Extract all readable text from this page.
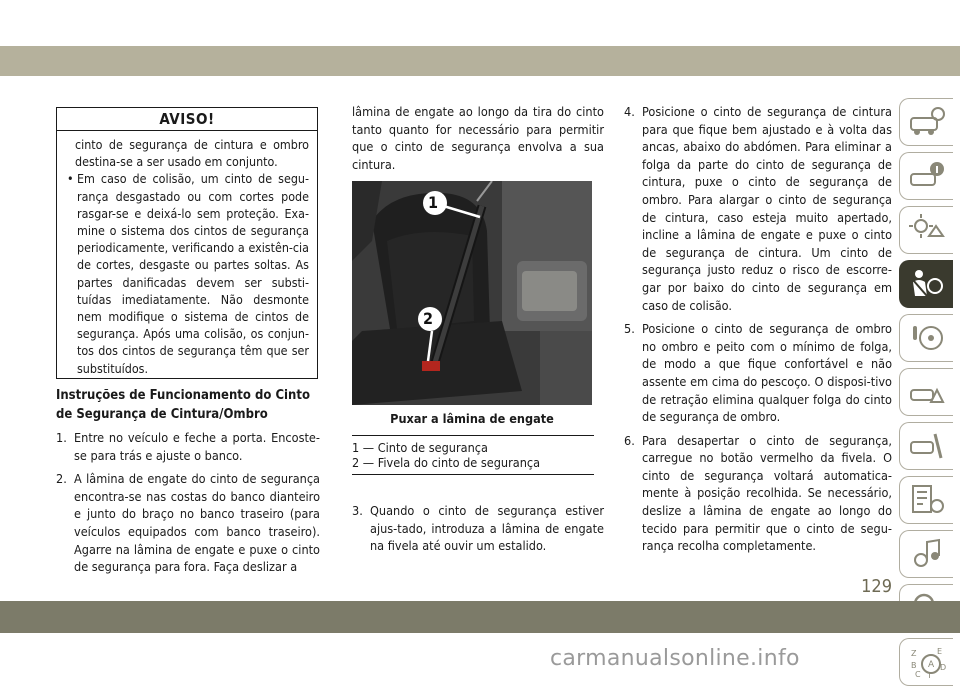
AVISO!

cinto de segurança de cintura e ombro destina-se a ser usado em conjunto.

• Em caso de colisão, um cinto de segu-rança desgastado ou com cortes pode rasgar-se e deixá-lo sem proteção. Exa-mine o sistema dos cintos de segurança periodicamente, verificando a existên-cia de cortes, desgaste ou partes soltas. As partes danificadas devem ser substi-tuídas imediatamente. Não desmonte nem modifique o sistema de cintos de segurança. Após uma colisão, os conjun-tos dos cintos de segurança têm que ser substituídos.
Instruções de Funcionamento do Cinto de Segurança de Cintura/Ombro
1. Entre no veículo e feche a porta. Encoste-se para trás e ajuste o banco.
2. A lâmina de engate do cinto de segurança encontra-se nas costas do banco dianteiro e junto do braço no banco traseiro (para veículos equipados com banco traseiro). Agarre na lâmina de engate e puxe o cinto de segurança para fora. Faça deslizar a
lâmina de engate ao longo da tira do cinto tanto quanto for necessário para permitir que o cinto de segurança envolva a sua cintura.
1
2
Puxar a lâmina de engate
1 — Cinto de segurança
2 — Fivela do cinto de segurança
3. Quando o cinto de segurança estiver ajus-tado, introduza a lâmina de engate na fivela até ouvir um estalido.
4. Posicione o cinto de segurança de cintura para que fique bem ajustado e à volta das ancas, abaixo do abdómen. Para eliminar a folga da parte do cinto de segurança de cintura, puxe o cinto de segurança de ombro. Para alargar o cinto de segurança de cintura, caso esteja muito apertado, incline a lâmina de engate e puxe o cinto de segurança de cintura. Um cinto de segurança justo reduz o risco de escorre-gar por baixo do cinto de segurança em caso de colisão.
5. Posicione o cinto de segurança de ombro no ombro e peito com o mínimo de folga, de modo a que fique confortável e não assente em cima do pescoço. O disposi-tivo de retração elimina qualquer folga do cinto de segurança de ombro.
6. Para desapertar o cinto de segurança, carregue no botão vermelho da fivela. O cinto de segurança voltará automatica-mente à posição recolhida. Se necessário, deslize a lâmina de engate ao longo do tecido para permitir que o cinto de segu-rança recolha completamente.
Z	E
A
B
C
D
T
129
carmanualsonline.info
